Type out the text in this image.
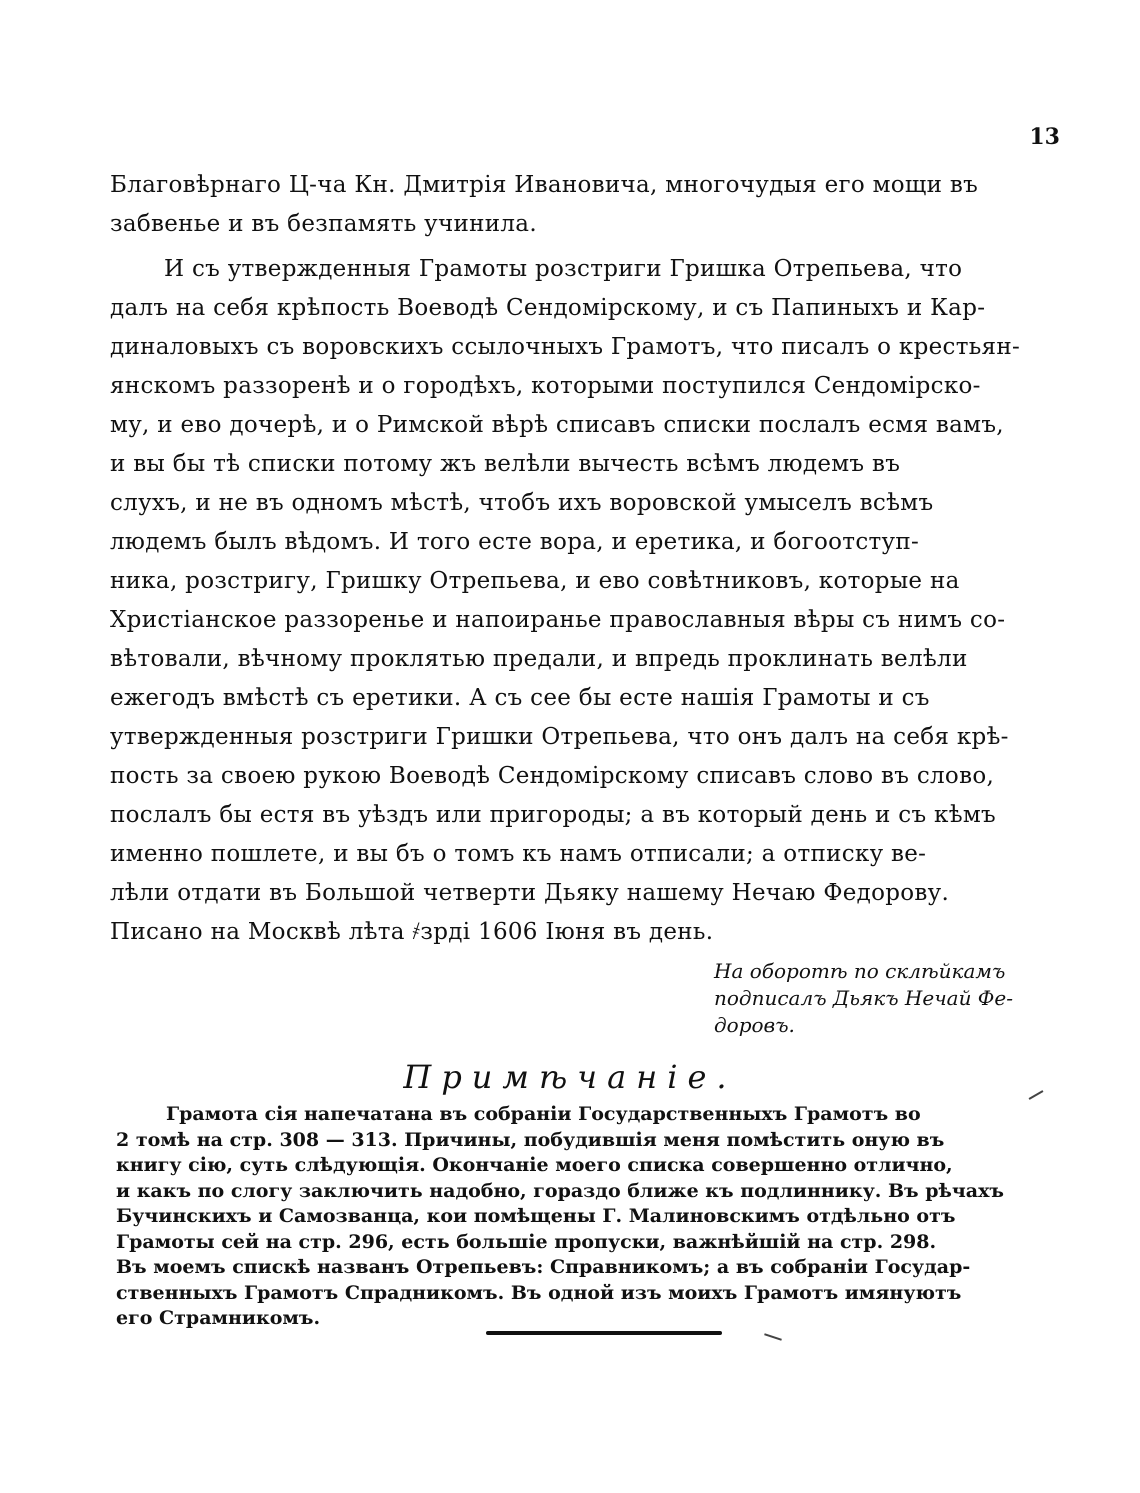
13
Благовѣрнаго Ц-ча Кн. Дмитрія Ивановича, многочудыя его мощи въ
забвенье и въ безпамять учинила.
И съ утвержденныя Грамоты розстриги Гришка Отрепьева, что
далъ на себя крѣпость Воеводѣ Сендомірскому, и съ Папиныхъ и Кар-
диналовыхъ съ воровскихъ ссылочныхъ Грамотъ, что писалъ о крестьян-
янскомъ раззоренѣ и о городѣхъ, которыми поступился Сендомірско-
му, и ево дочерѣ, и о Римской вѣрѣ списавъ списки послалъ есмя вамъ,
и вы бы тѣ списки потому жъ велѣли вычесть всѣмъ людемъ въ
слухъ, и не въ одномъ мѣстѣ, чтобъ ихъ воровской умыселъ всѣмъ
людемъ былъ вѣдомъ. И того есте вора, и еретика, и богоотступ-
ника, розстригу, Гришку Отрепьева, и ево совѣтниковъ, которые на
Христіанское раззоренье и напоиранье православныя вѣры съ нимъ со-
вѣтовали, вѣчному проклятью предали, и впредь проклинать велѣли
ежегодъ вмѣстѣ съ еретики. А съ сее бы есте нашія Грамоты и съ
утвержденныя розстриги Гришки Отрепьева, что онъ далъ на себя крѣ-
пость за своею рукою Воеводѣ Сендомірскому списавъ слово въ слово,
послалъ бы естя въ уѣздъ или пригороды; а въ который день и съ кѣмъ
именно пошлете, и вы бъ о томъ къ намъ отписали; а отписку ве-
лѣли отдати въ Большой четверти Дьяку нашему Нечаю Федорову.
Писано на Москвѣ лѣта ҂зрді 1606 Іюня въ день.
На оборотѣ по склѣйкамъ
подписалъ Дьякъ Нечай Фе-
доровъ.
Примѣчаніе.
Грамота сія напечатана въ собраніи Государственныхъ Грамотъ во
2 томѣ на стр. 308 — 313. Причины, побудившія меня помѣстить оную въ
книгу сію, суть слѣдующія. Окончаніе моего списка совершенно отлично,
и какъ по слогу заключить надобно, гораздо ближе къ подлиннику. Въ рѣчахъ
Бучинскихъ и Самозванца, кои помѣщены Г. Малиновскимъ отдѣльно отъ
Грамоты сей на стр. 296, есть большіе пропуски, важнѣйшій на стр. 298.
Въ моемъ спискѣ названъ Отрепьевъ: Справникомъ; а въ собраніи Государ-
ственныхъ Грамотъ Спрадникомъ. Въ одной изъ моихъ Грамотъ имянуютъ
его Страмникомъ.
